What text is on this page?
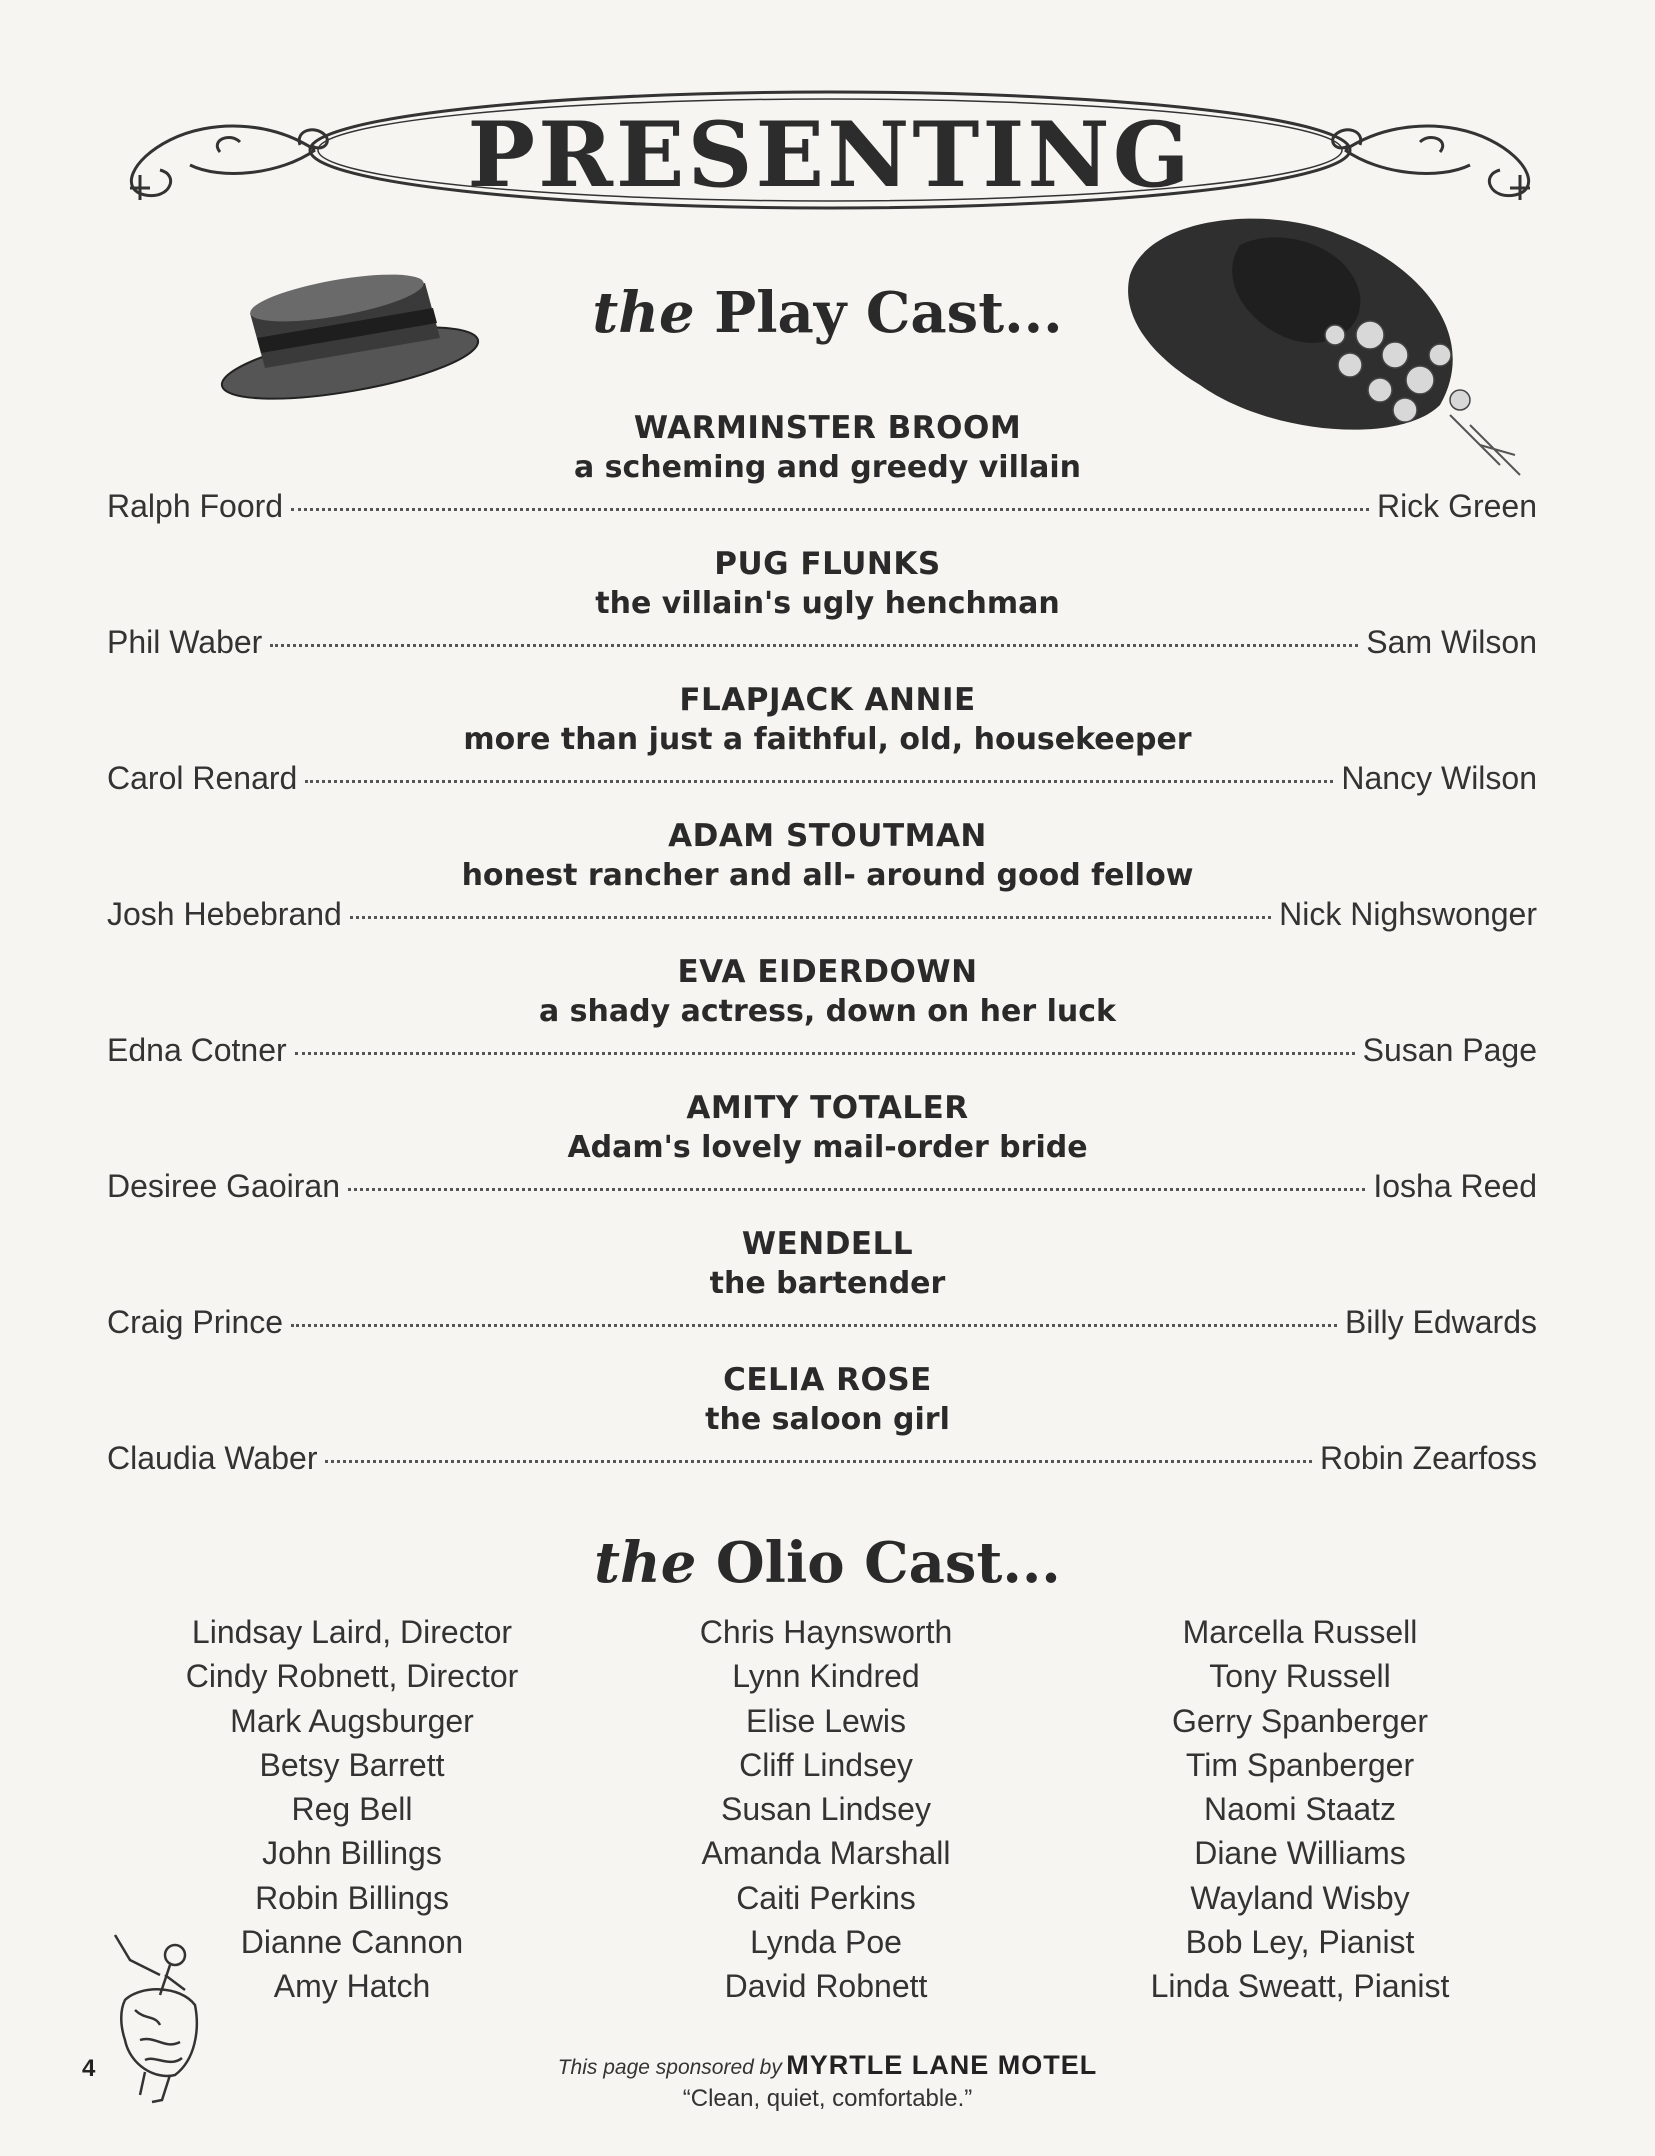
PRESENTING
the Play Cast...
WARMINSTER BROOM
a scheming and greedy villain
Ralph Foord	Rick Green
PUG FLUNKS
the villain's ugly henchman
Phil Waber	Sam Wilson
FLAPJACK ANNIE
more than just a faithful, old, housekeeper
Carol Renard	Nancy Wilson
ADAM STOUTMAN
honest rancher and all- around good fellow
Josh Hebebrand	Nick Nighswonger
EVA EIDERDOWN
a shady actress, down on her luck
Edna Cotner	Susan Page
AMITY TOTALER
Adam's lovely mail-order bride
Desiree Gaoiran	Iosha Reed
WENDELL
the bartender
Craig Prince	Billy Edwards
CELIA ROSE
the saloon girl
Claudia Waber	Robin Zearfoss
the Olio Cast...
Lindsay Laird, Director
Cindy Robnett, Director
Mark Augsburger
Betsy Barrett
Reg Bell
John Billings
Robin Billings
Dianne Cannon
Amy Hatch
Chris Haynsworth
Lynn Kindred
Elise Lewis
Cliff Lindsey
Susan Lindsey
Amanda Marshall
Caiti Perkins
Lynda Poe
David Robnett
Marcella Russell
Tony Russell
Gerry Spanberger
Tim Spanberger
Naomi Staatz
Diane Williams
Wayland Wisby
Bob Ley, Pianist
Linda Sweatt, Pianist
4	This page sponsored by MYRTLE LANE MOTEL
“Clean, quiet, comfortable.”
